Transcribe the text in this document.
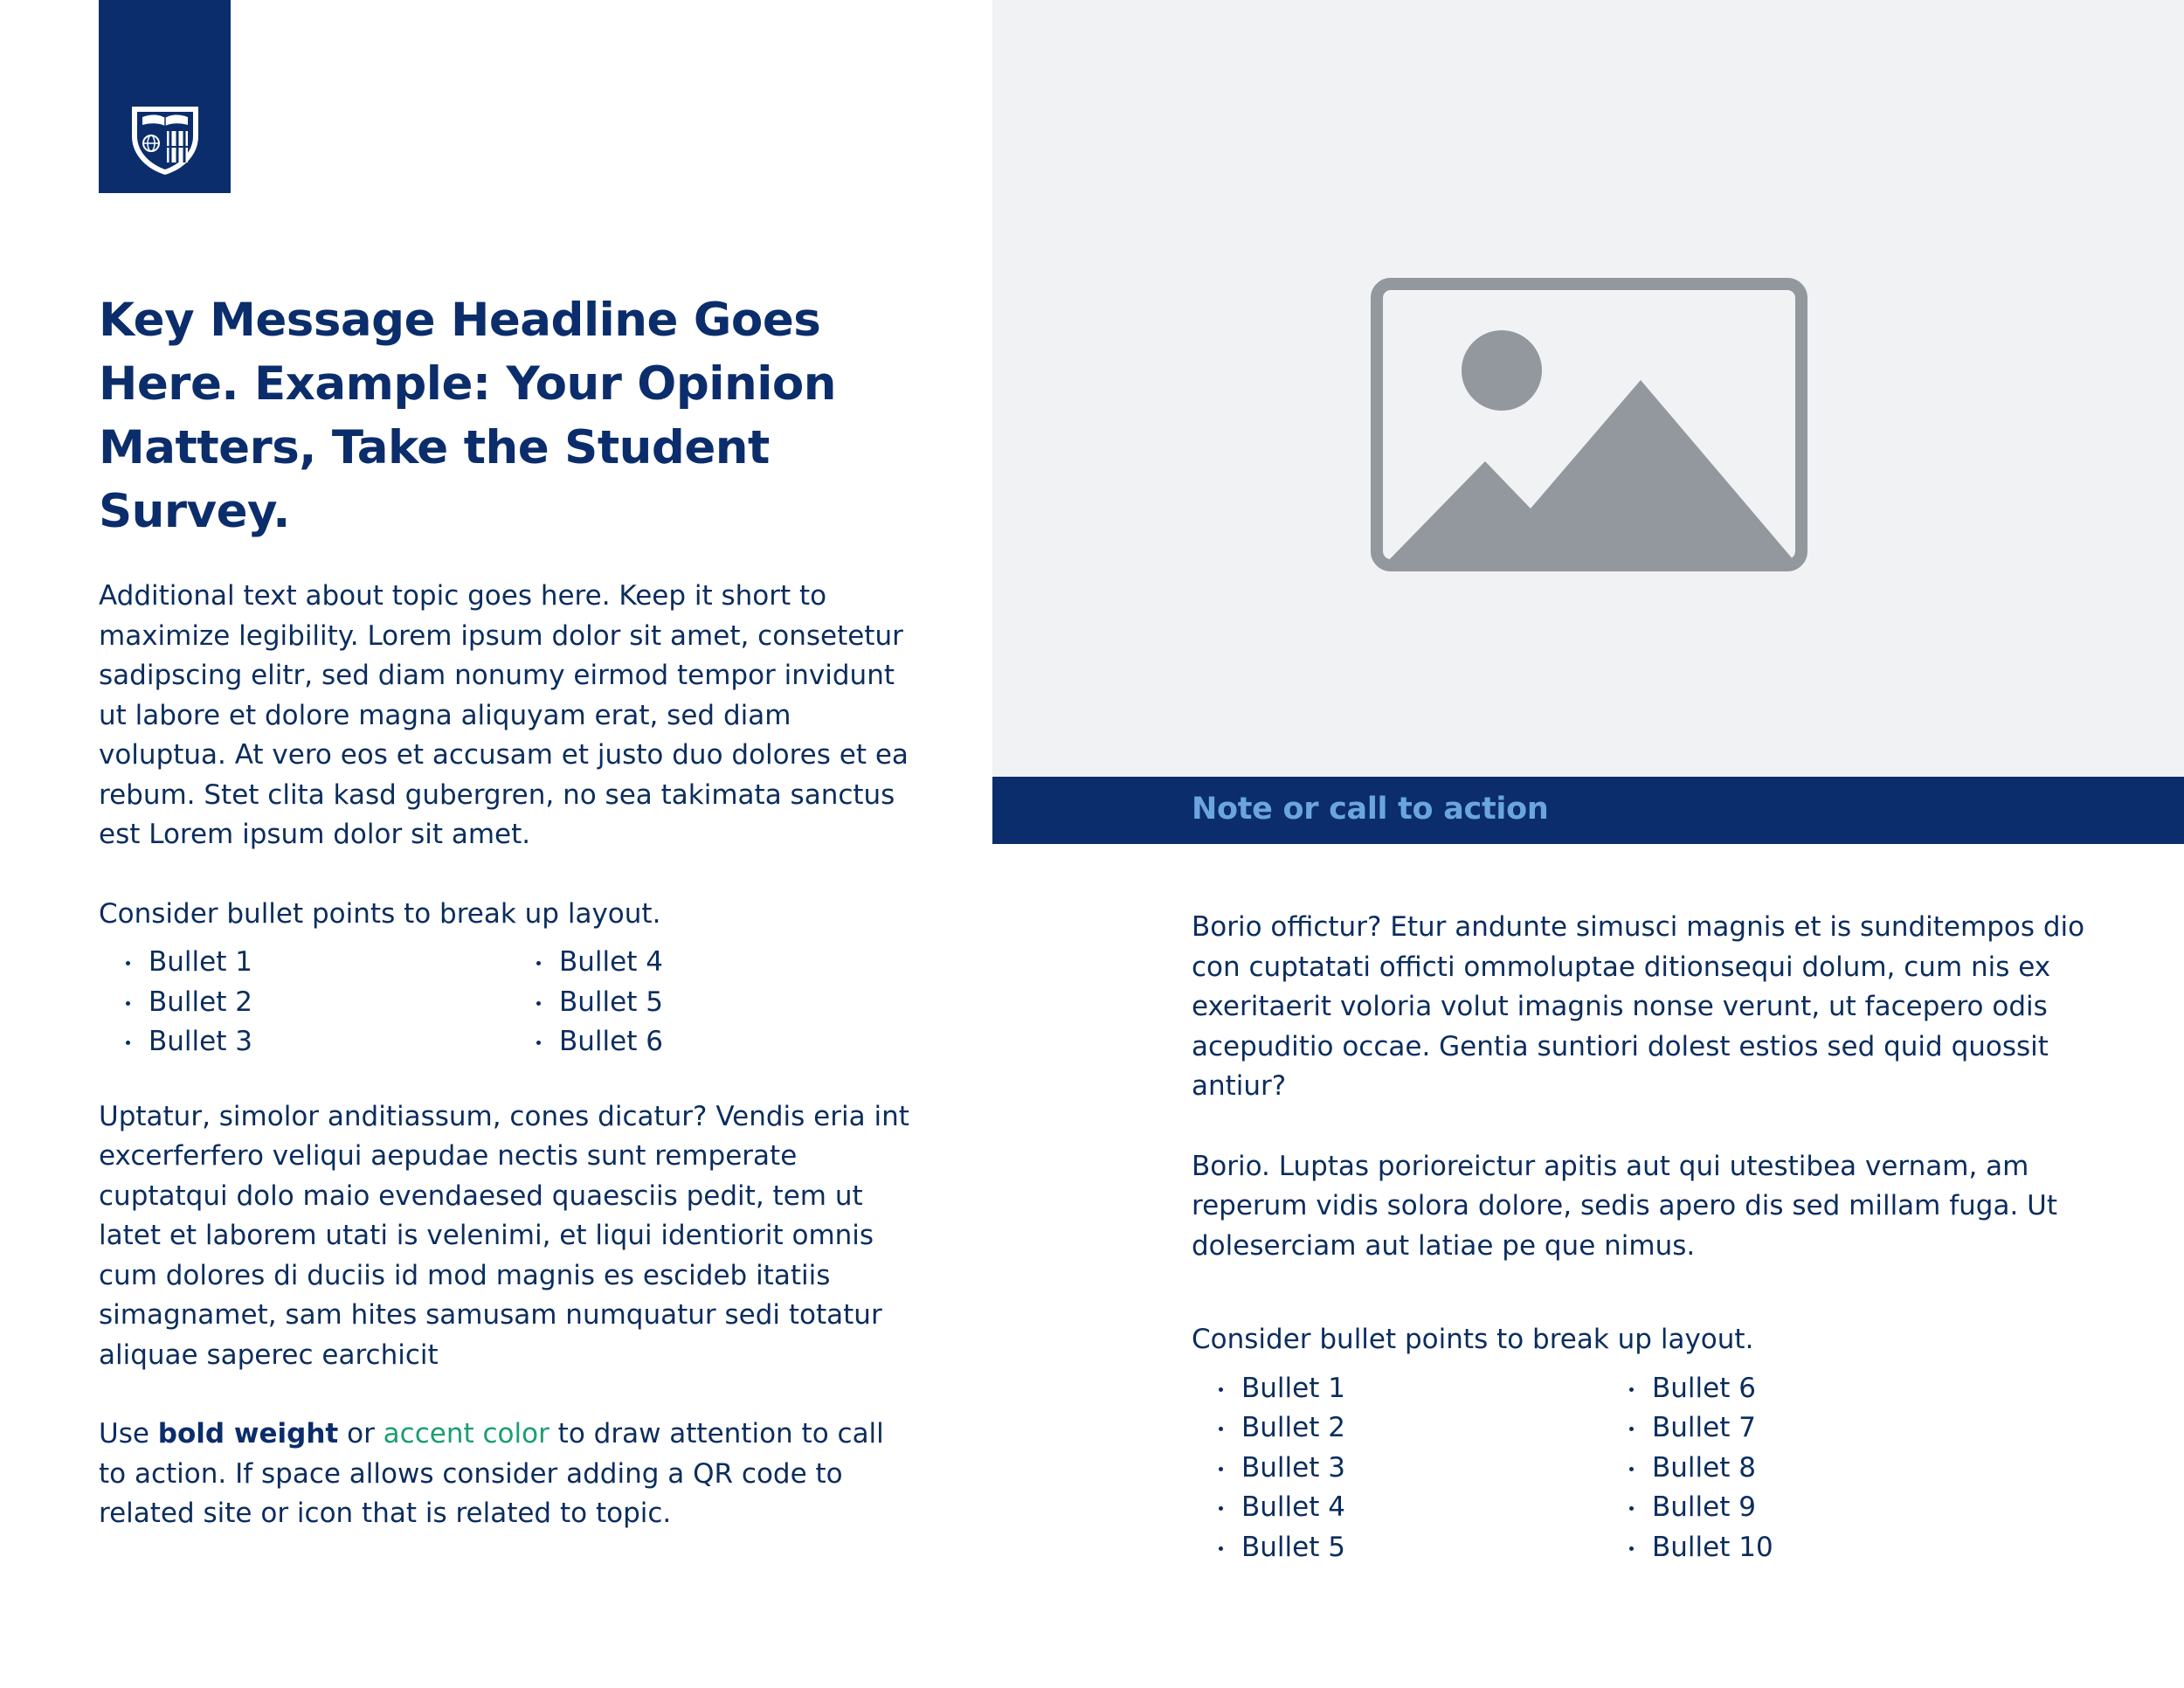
Key Message Headline Goes Here. Example: Your Opinion Matters, Take the Student Survey.

Additional text about topic goes here. Keep it short to maximize legibility. Lorem ipsum dolor sit amet, consetetur sadipscing elitr, sed diam nonumy eirmod tempor invidunt ut labore et dolore magna aliquyam erat, sed diam voluptua. At vero eos et accusam et justo duo dolores et ea rebum. Stet clita kasd gubergren, no sea takimata sanctus est Lorem ipsum dolor sit amet.

Consider bullet points to break up layout.

Bullet 1	Bullet 4
Bullet 2	Bullet 5
Bullet 3	Bullet 6

Uptatur, simolor anditiassum, cones dicatur? Vendis eria int excerferfero veliqui aepudae nectis sunt remperate cuptatqui dolo maio evendaesed quaesciis pedit, tem ut latet et laborem utati is velenimi, et liqui identiorit omnis cum dolores di duciis id mod magnis es escideb itatiis simagnamet, sam hites samusam numquatur sedi totatur aliquae saperec earchicit

Use bold weight or accent color to draw attention to call to action. If space allows consider adding a QR code to related site or icon that is related to topic.

Note or call to action

Borio offictur? Etur andunte simusci magnis et is sunditempos dio con cuptatati officti ommoluptae ditionsequi dolum, cum nis ex exeritaerit voloria volut imagnis nonse verunt, ut facepero odis acepuditio occae. Gentia suntiori dolest estios sed quid quossit antiur?

Borio. Luptas porioreictur apitis aut qui utestibea vernam, am reperum vidis solora dolore, sedis apero dis sed millam fuga. Ut doleserciam aut latiae pe que nimus.

Consider bullet points to break up layout.

Bullet 1	Bullet 6
Bullet 2	Bullet 7
Bullet 3	Bullet 8
Bullet 4	Bullet 9
Bullet 5	Bullet 10
